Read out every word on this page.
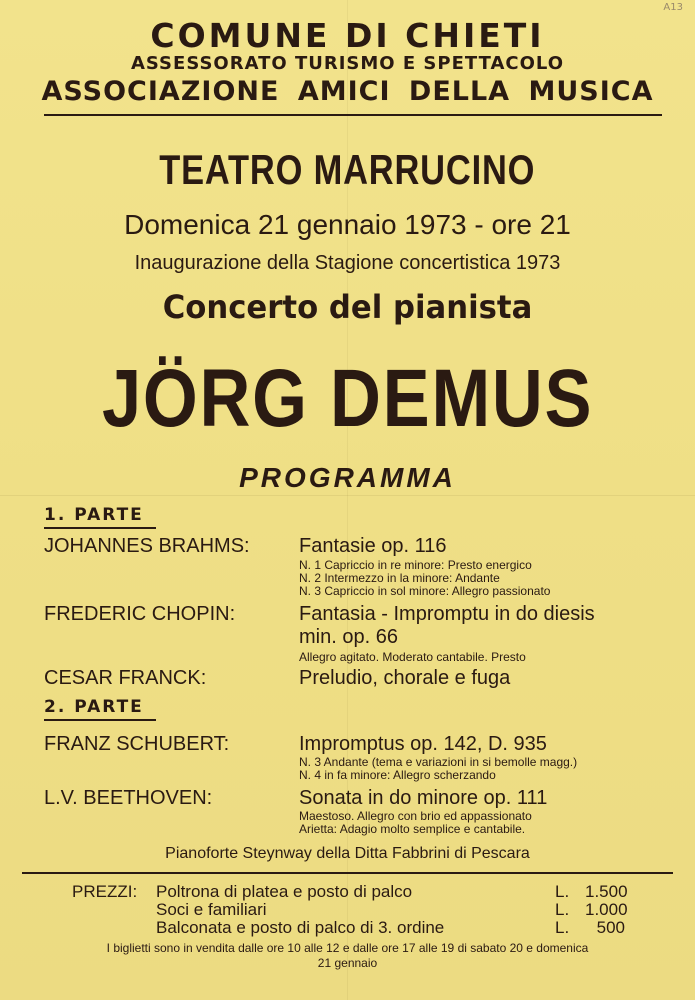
A13
COMUNE DI CHIETI
ASSESSORATO TURISMO E SPETTACOLO
ASSOCIAZIONE AMICI DELLA MUSICA
TEATRO MARRUCINO
Domenica 21 gennaio 1973 - ore 21
Inaugurazione della Stagione concertistica 1973
Concerto del pianista
JÖRG DEMUS
PROGRAMMA
1. PARTE
JOHANNES BRAHMS: Fantasie op. 116
N. 1 Capriccio in re minore: Presto energico
N. 2 Intermezzo in la minore: Andante
N. 3 Capriccio in sol minore: Allegro passionato
FREDERIC CHOPIN:	Fantasia - Impromptu in do diesis
min. op. 66
Allegro agitato. Moderato cantabile. Presto
CESAR FRANCK:	Preludio, chorale e fuga
2. PARTE
FRANZ SCHUBERT:	Impromptus op. 142, D. 935
N. 3 Andante (tema e variazioni in si bemolle magg.)
N. 4 in fa minore: Allegro scherzando
L.V. BEETHOVEN:	Sonata in do minore op. 111
Maestoso. Allegro con brio ed appassionato
Arietta: Adagio molto semplice e cantabile.
Pianoforte Steynway della Ditta Fabbrini di Pescara
PREZZI: Poltrona di platea e posto di palco	L. 1.500
Soci e familiari	L. 1.000
Balconata e posto di palco di 3. ordine	L. 500
I biglietti sono in vendita dalle ore 10 alle 12 e dalle ore 17 alle 19 di sabato 20 e domenica
21 gennaio
